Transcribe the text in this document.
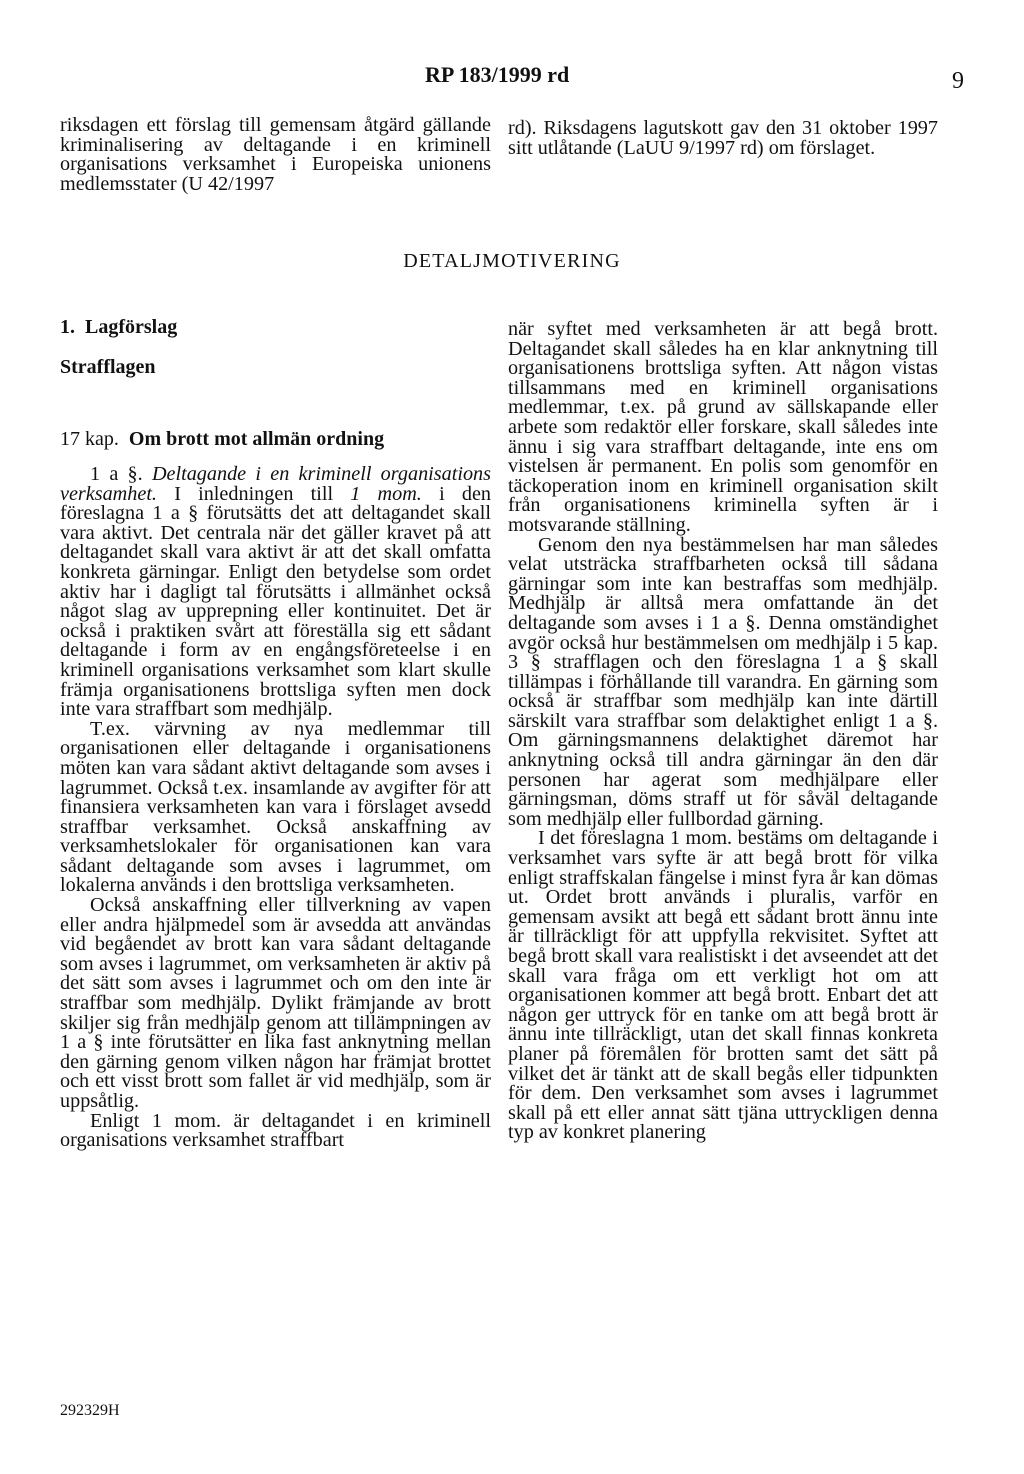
RP 183/1999 rd	9

riksdagen ett förslag till gemensam åtgärd gällande kriminalisering av deltagande i en kriminell organisations verksamhet i Europeiska unionens medlemsstater (U 42/1997

rd). Riksdagens lagutskott gav den 31 oktober 1997 sitt utlåtande (LaUU 9/1997 rd) om förslaget.

DETALJMOTIVERING
1. Lagförslag
Strafflagen
17 kap. Om brott mot allmän ordning

1 a §. Deltagande i en kriminell organisations verksamhet. I inledningen till 1 mom. i den föreslagna 1 a § förutsätts det att deltagandet skall vara aktivt. Det centrala när det gäller kravet på att deltagandet skall vara aktivt är att det skall omfatta konkreta gärningar. Enligt den betydelse som ordet aktiv har i dagligt tal förutsätts i allmänhet också något slag av upprepning eller kontinuitet. Det är också i praktiken svårt att föreställa sig ett sådant deltagande i form av en engångsföreteelse i en kriminell organisations verksamhet som klart skulle främja organisationens brottsliga syften men dock inte vara straffbart som medhjälp.

T.ex. värvning av nya medlemmar till organisationen eller deltagande i organisationens möten kan vara sådant aktivt deltagande som avses i lagrummet. Också t.ex. insamlande av avgifter för att finansiera verksamheten kan vara i förslaget avsedd straffbar verksamhet. Också anskaffning av verksamhetslokaler för organisationen kan vara sådant deltagande som avses i lagrummet, om lokalerna används i den brottsliga verksamheten.

Också anskaffning eller tillverkning av vapen eller andra hjälpmedel som är avsedda att användas vid begåendet av brott kan vara sådant deltagande som avses i lagrummet, om verksamheten är aktiv på det sätt som avses i lagrummet och om den inte är straffbar som medhjälp. Dylikt främjande av brott skiljer sig från medhjälp genom att tillämpningen av 1 a § inte förutsätter en lika fast anknytning mellan den gärning genom vilken någon har främjat brottet och ett visst brott som fallet är vid medhjälp, som är uppsåtlig.

Enligt 1 mom. är deltagandet i en kriminell organisations verksamhet straffbart

när syftet med verksamheten är att begå brott. Deltagandet skall således ha en klar anknytning till organisationens brottsliga syften. Att någon vistas tillsammans med en kriminell organisations medlemmar, t.ex. på grund av sällskapande eller arbete som redaktör eller forskare, skall således inte ännu i sig vara straffbart deltagande, inte ens om vistelsen är permanent. En polis som genomför en täckoperation inom en kriminell organisation skilt från organisationens kriminella syften är i motsvarande ställning.

Genom den nya bestämmelsen har man således velat utsträcka straffbarheten också till sådana gärningar som inte kan bestraffas som medhjälp. Medhjälp är alltså mera omfattande än det deltagande som avses i 1 a §. Denna omständighet avgör också hur bestämmelsen om medhjälp i 5 kap. 3 § strafflagen och den föreslagna 1 a § skall tillämpas i förhållande till varandra. En gärning som också är straffbar som medhjälp kan inte därtill särskilt vara straffbar som delaktighet enligt 1 a §. Om gärningsmannens delaktighet däremot har anknytning också till andra gärningar än den där personen har agerat som medhjälpare eller gärningsman, döms straff ut för såväl deltagande som medhjälp eller fullbordad gärning.

I det föreslagna 1 mom. bestäms om deltagande i verksamhet vars syfte är att begå brott för vilka enligt straffskalan fängelse i minst fyra år kan dömas ut. Ordet brott används i pluralis, varför en gemensam avsikt att begå ett sådant brott ännu inte är tillräckligt för att uppfylla rekvisitet. Syftet att begå brott skall vara realistiskt i det avseendet att det skall vara fråga om ett verkligt hot om att organisationen kommer att begå brott. Enbart det att någon ger uttryck för en tanke om att begå brott är ännu inte tillräckligt, utan det skall finnas konkreta planer på föremålen för brotten samt det sätt på vilket det är tänkt att de skall begås eller tidpunkten för dem. Den verksamhet som avses i lagrummet skall på ett eller annat sätt tjäna uttryckligen denna typ av konkret planering

292329H
